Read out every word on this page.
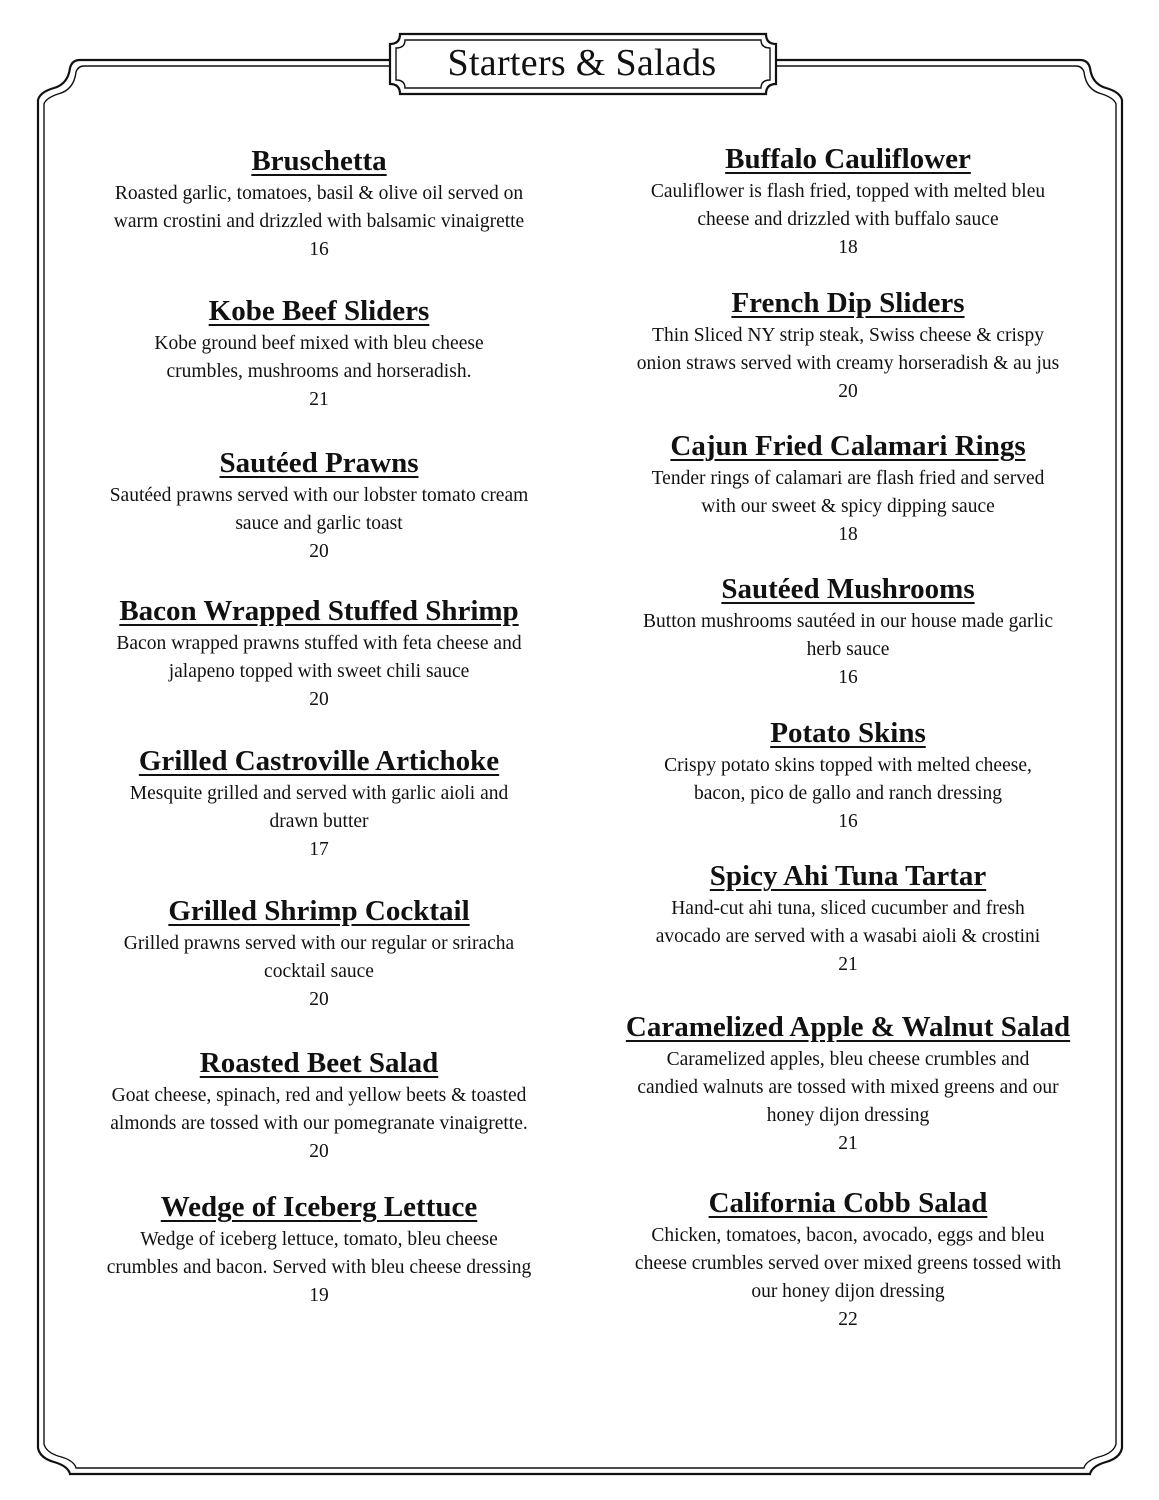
Starters & Salads
Bruschetta
Roasted garlic, tomatoes, basil & olive oil served on
warm crostini and drizzled with balsamic vinaigrette
16
Kobe Beef Sliders
Kobe ground beef mixed with bleu cheese
crumbles, mushrooms and horseradish.
21
Sautéed Prawns
Sautéed prawns served with our lobster tomato cream
sauce and garlic toast
20
Bacon Wrapped Stuffed Shrimp
Bacon wrapped prawns stuffed with feta cheese and
jalapeno topped with sweet chili sauce
20
Grilled Castroville Artichoke
Mesquite grilled and served with garlic aioli and
drawn butter
17
Grilled Shrimp Cocktail
Grilled prawns served with our regular or sriracha
cocktail sauce
20
Roasted Beet Salad
Goat cheese, spinach, red and yellow beets & toasted
almonds are tossed with our pomegranate vinaigrette.
20
Wedge of Iceberg Lettuce
Wedge of iceberg lettuce, tomato, bleu cheese
crumbles and bacon. Served with bleu cheese dressing
19
Buffalo Cauliflower
Cauliflower is flash fried, topped with melted bleu
cheese and drizzled with buffalo sauce
18
French Dip Sliders
Thin Sliced NY strip steak, Swiss cheese & crispy
onion straws served with creamy horseradish & au jus
20
Cajun Fried Calamari Rings
Tender rings of calamari are flash fried and served
with our sweet & spicy dipping sauce
18
Sautéed Mushrooms
Button mushrooms sautéed in our house made garlic
herb sauce
16
Potato Skins
Crispy potato skins topped with melted cheese,
bacon, pico de gallo and ranch dressing
16
Spicy Ahi Tuna Tartar
Hand-cut ahi tuna, sliced cucumber and fresh
avocado are served with a wasabi aioli & crostini
21
Caramelized Apple & Walnut Salad
Caramelized apples, bleu cheese crumbles and
candied walnuts are tossed with mixed greens and our
honey dijon dressing
21
California Cobb Salad
Chicken, tomatoes, bacon, avocado, eggs and bleu
cheese crumbles served over mixed greens tossed with
our honey dijon dressing
22
